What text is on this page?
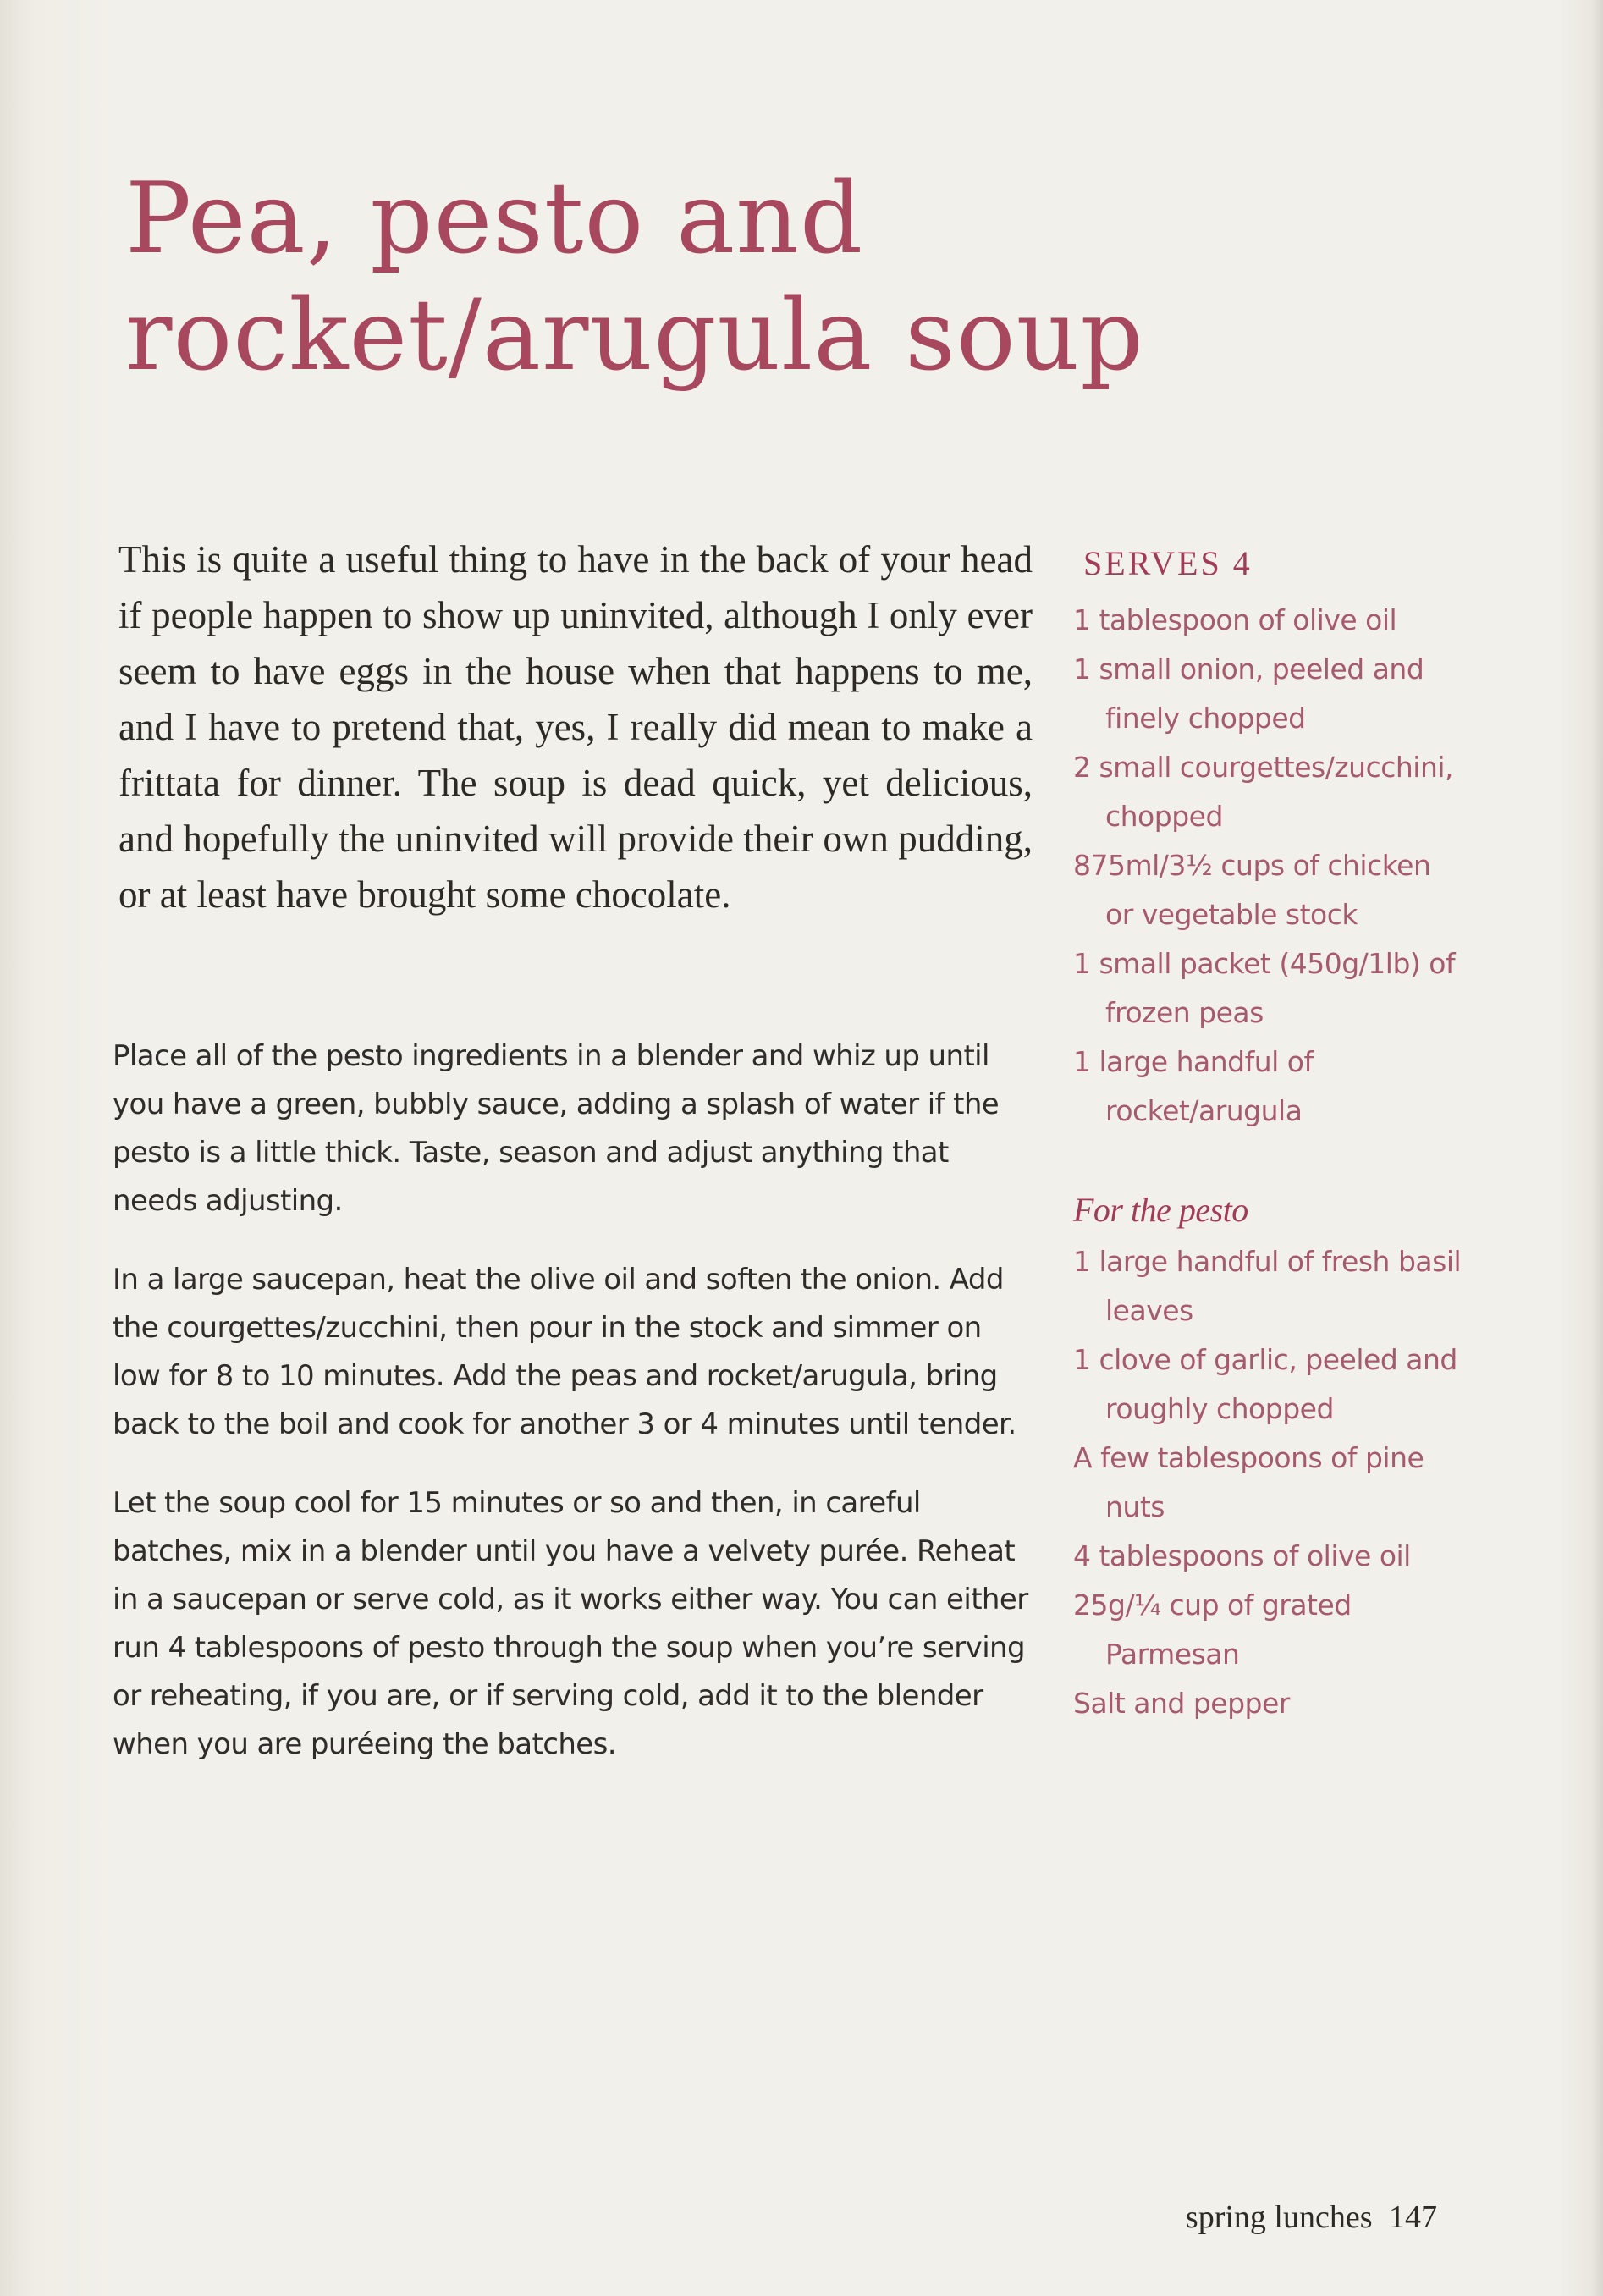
Pea, pesto and
rocket/arugula soup

This is quite a useful thing to have in the back of your head if people happen to show up uninvited, although I only ever seem to have eggs in the house when that happens to me, and I have to pretend that, yes, I really did mean to make a frittata for dinner. The soup is dead quick, yet delicious, and hopefully the uninvited will provide their own pudding, or at least have brought some chocolate.

Place all of the pesto ingredients in a blender and whiz up until you have a green, bubbly sauce, adding a splash of water if the pesto is a little thick. Taste, season and adjust anything that needs adjusting.

In a large saucepan, heat the olive oil and soften the onion. Add the courgettes/zucchini, then pour in the stock and simmer on low for 8 to 10 minutes. Add the peas and rocket/arugula, bring back to the boil and cook for another 3 or 4 minutes until tender.

Let the soup cool for 15 minutes or so and then, in careful batches, mix in a blender until you have a velvety purée. Reheat in a saucepan or serve cold, as it works either way. You can either run 4 tablespoons of pesto through the soup when you’re serving or reheating, if you are, or if serving cold, add it to the blender when you are puréeing the batches.

SERVES 4
1 tablespoon of olive oil
1 small onion, peeled and finely chopped
2 small courgettes/zucchini, chopped
875ml/3½ cups of chicken or vegetable stock
1 small packet (450g/1lb) of frozen peas
1 large handful of rocket/arugula
For the pesto
1 large handful of fresh basil leaves
1 clove of garlic, peeled and roughly chopped
A few tablespoons of pine nuts
4 tablespoons of olive oil
25g/¼ cup of grated Parmesan
Salt and pepper
spring lunches 147
